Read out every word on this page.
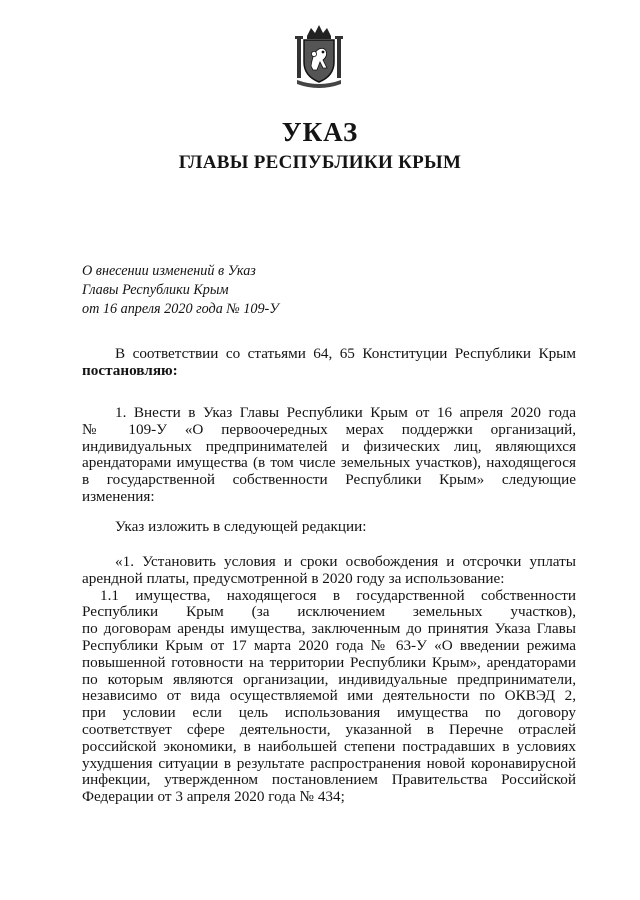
УКАЗ
ГЛАВЫ РЕСПУБЛИКИ КРЫМ
О внесении изменений в Указ
Главы Республики Крым
от 16 апреля 2020 года № 109-У
В соответствии со статьями 64, 65 Конституции Республики Крым
постановляю:
1. Внести в Указ Главы Республики Крым от 16 апреля 2020 года
№ 109-У «О первоочередных мерах поддержки организаций,
индивидуальных предпринимателей и физических лиц, являющихся
арендаторами имущества (в том числе земельных участков), находящегося
в государственной собственности Республики Крым» следующие
изменения:
Указ изложить в следующей редакции:
«1. Установить условия и сроки освобождения и отсрочки уплаты
арендной платы, предусмотренной в 2020 году за использование:
1.1 имущества, находящегося в государственной собственности
Республики Крым (за исключением земельных участков),
по договорам аренды имущества, заключенным до принятия Указа Главы
Республики Крым от 17 марта 2020 года № 63-У «О введении режима
повышенной готовности на территории Республики Крым», арендаторами
по которым являются организации, индивидуальные предприниматели,
независимо от вида осуществляемой ими деятельности по ОКВЭД 2,
при условии если цель использования имущества по договору
соответствует сфере деятельности, указанной в Перечне отраслей
российской экономики, в наибольшей степени пострадавших в условиях
ухудшения ситуации в результате распространения новой коронавирусной
инфекции, утвержденном постановлением Правительства Российской
Федерации от 3 апреля 2020 года № 434;
